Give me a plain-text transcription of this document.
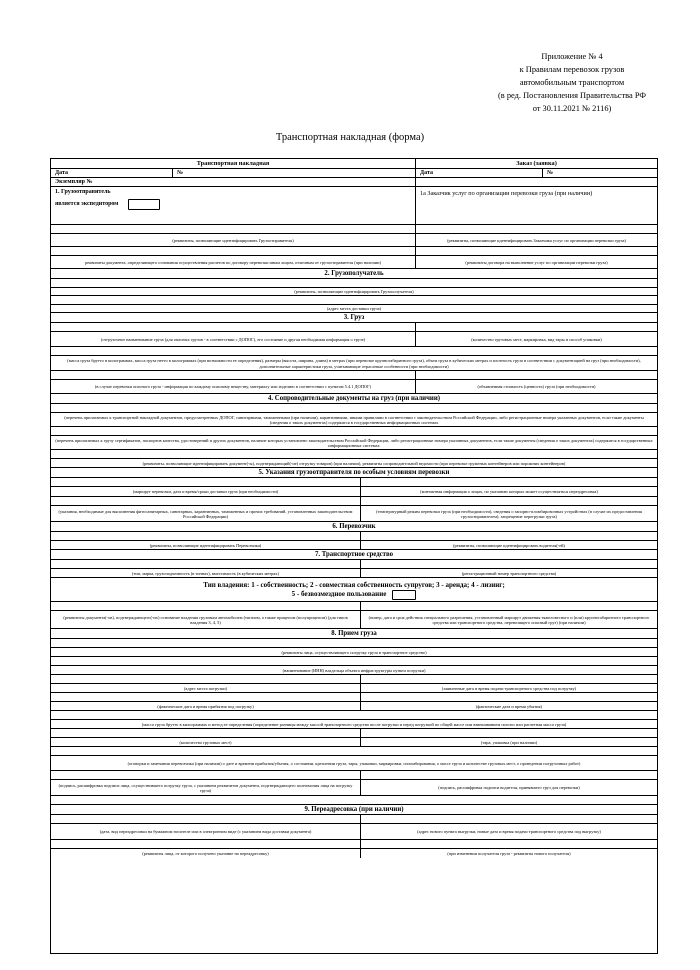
Приложение № 4
к Правилам перевозок грузов
автомобильным транспортом
(в ред. Постановления Правительства РФ
от 30.11.2021 № 2116)
Транспортная накладная (форма)
Транспортная накладная	Заказ (заявка)
Дата	№	Дата	№
Экземпляр №
1. Грузоотправитель
является экспедитором
1а Заказчик услуг по организации перевозки груза (при наличии)
(реквизиты, позволяющие идентифицировать Грузоотправителя)	(реквизиты, позволяющие идентифицировать Заказчика услуг по организации перевозки груза)
реквизиты документа, определяющего основания осуществления расчетов по договору перевозки иным лицом, отличным от грузоотправителя (при наличии)	(реквизиты договора на выполнение услуг по организации перевозки груза)
2. Грузополучатель
(реквизиты, позволяющие идентифицировать Грузополучателя)
(адрес места доставки груза)
3. Груз
(отгрузочное наименование груза (для опасных грузов - в соответствии с ДОПОГ), его состояние и другая необходимая информация о грузе)	(количество грузовых мест, маркировка, вид тары и способ упаковки)
(масса груза брутто в килограммах, масса груза нетто в килограммах (при возможности ее определения), размеры (высота, ширина, длина) в метрах (при перевозке крупногабаритного груза), объем груза в кубических метрах и плотность груза в соответствии с документацией на груз (при необходимости), дополнительные характеристики груза, учитывающие отраслевые особенности (при необходимости)
(в случае перевозки опасного груза - информация по каждому опасному веществу, материалу или изделию в соответствии с пунктом 5.4.1 ДОПОГ)	(объявленная стоимость (ценность) груза (при необходимости)
4. Сопроводительные документы на груз (при наличии)
(перечень прилагаемых к транспортной накладной документов, предусмотренных ДОПОГ, санитарными, таможенными (при наличии), карантинными, иными правилами в соответствии с законодательством Российской Федерации, либо регистрационные номера указанных документов, если такие документы (сведения о таких документах) содержатся в государственных информационных системах
(перечень прилагаемых к грузу сертификатов, паспортов качества, удостоверений и других документов, наличие которых установлено законодательством Российской Федерации, либо регистрационные номера указанных документов, если такие документы (сведения о таких документах) содержатся в государственных информационных системах
(реквизиты, позволяющие идентифицировать документ(-ы), подтверждающий(-ие) отгрузку товаров) (при наличии), реквизиты сопроводительной ведомости (при перевозке груженых контейнеров или порожних контейнеров)
5. Указания грузоотправителя по особым условиям перевозки
(маршрут перевозки, дата и время/сроки доставки груза (при необходимости)	(контактная информация о лицах, по указанию которых может осуществляться переадресовка)
(указания, необходимые для выполнения фитосанитарных, санитарных, карантинных, таможенных и прочих требований, установленных законодательством Российской Федерации)
(температурный режим перевозки груза (при необходимости), сведения о запорно-пломбировочных устройствах (в случае их предоставления грузоотправителем), запрещение перегрузки груза)
6. Перевозчик
(реквизиты, позволяющие идентифицировать Перевозчика)	(реквизиты, позволяющие идентифицировать водителя(-ей)
7. Транспортное средство
(тип, марка, грузоподъемность (в тоннах), вместимость (в кубических метрах)	(регистрационный номер транспортного средства)
Тип владения: 1 - собственность; 2 - совместная собственность супругов; 3 - аренда; 4 - лизинг;
5 - безвозмездное пользование
(реквизиты документа(-ов), подтверждающего(-их) основание владения грузовым автомобилем (тягачом, а также прицепом (полуприцепом) (для типов владения 3, 4, 5)
(номер, дата и срок действия специального разрешения, установленный маршрут движения тяжеловесного и (или) крупногабаритного транспортного средства или транспортного средства, перевозящего опасный груз) (при наличии)
8. Прием груза
(реквизиты лица, осуществляющего погрузку груза в транспортное средство)
(наименование (ИНН) владельца объекта инфраструктуры пункта погрузки)
(адрес места погрузки)	(заявленные дата и время подачи транспортного средства под погрузку)
(фактические дата и время прибытия под погрузку)	(фактические дата и время убытия)
(масса груза брутто в килограммах и метод ее определения (определение разницы между массой транспортного средства после погрузки и перед погрузкой по общей массе или взвешиванием поосно или расчетная масса груза)
(количество грузовых мест)	(тара, упаковка (при наличии)
(оговорки и замечания перевозчика (при наличии) о дате и времени прибытия/убытия, о состоянии, креплении груза, тары, упаковки, маркировки, опломбирования, о массе груза и количестве грузовых мест, о проведении погрузочных работ)
(подпись, расшифровка подписи лица, осуществившего погрузку груза, с указанием реквизитов документа, подтверждающего полномочия лица на погрузку груза)
(подпись, расшифровка подписи водителя, принявшего груз для перевозки)
9. Переадресовка (при наличии)
(дата, вид переадресовки на бумажном носителе или в электронном виде (с указанием вида доставки документа)	(адрес нового пункта выгрузки, новые дата и время подачи транспортного средства под выгрузку)
(реквизиты лица, от которого получено указание на переадресовку)	(при изменении получателя груза - реквизиты нового получателя)
